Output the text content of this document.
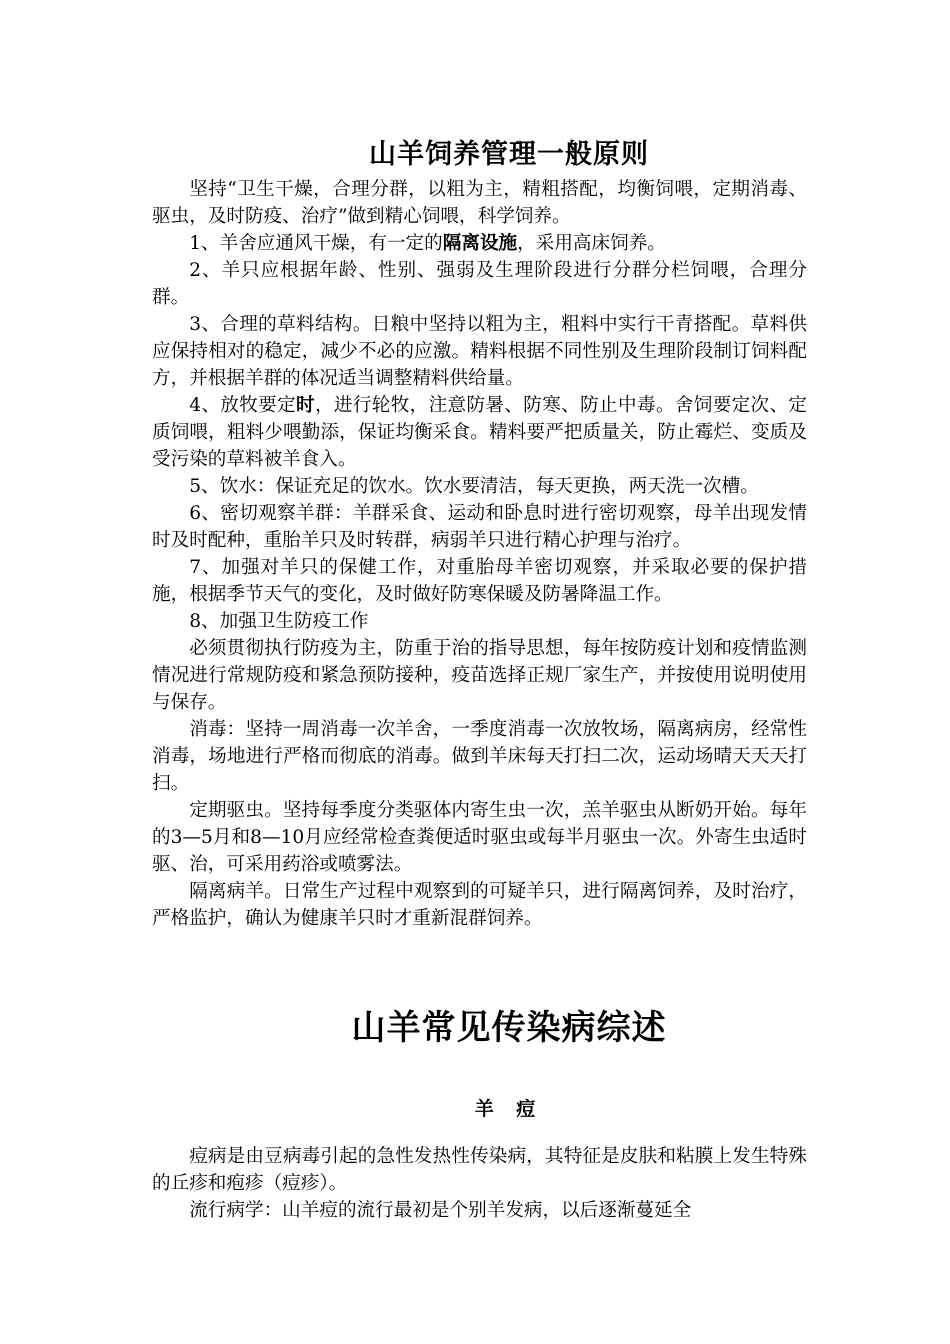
山羊饲养管理一般原则

坚持“卫生干燥，合理分群，以粗为主，精粗搭配，均衡饲喂，定期消毒、驱虫，及时防疫、治疗”做到精心饲喂，科学饲养。

1、羊舍应通风干燥，有一定的隔离设施，采用高床饲养。

2、羊只应根据年龄、性别、强弱及生理阶段进行分群分栏饲喂，合理分群。

3、合理的草料结构。日粮中坚持以粗为主，粗料中实行干青搭配。草料供应保持相对的稳定，减少不必的应激。精料根据不同性别及生理阶段制订饲料配方，并根据羊群的体况适当调整精料供给量。

4、放牧要定时，进行轮牧，注意防暑、防寒、防止中毒。舍饲要定次、定质饲喂，粗料少喂勤添，保证均衡采食。精料要严把质量关，防止霉烂、变质及受污染的草料被羊食入。

5、饮水：保证充足的饮水。饮水要清洁，每天更换，两天洗一次槽。

6、密切观察羊群：羊群采食、运动和卧息时进行密切观察，母羊出现发情时及时配种，重胎羊只及时转群，病弱羊只进行精心护理与治疗。

7、加强对羊只的保健工作，对重胎母羊密切观察，并采取必要的保护措施，根据季节天气的变化，及时做好防寒保暖及防暑降温工作。

8、加强卫生防疫工作

必须贯彻执行防疫为主，防重于治的指导思想，每年按防疫计划和疫情监测情况进行常规防疫和紧急预防接种，疫苗选择正规厂家生产，并按使用说明使用与保存。

消毒：坚持一周消毒一次羊舍，一季度消毒一次放牧场，隔离病房，经常性消毒，场地进行严格而彻底的消毒。做到羊床每天打扫二次，运动场晴天天天打扫。

定期驱虫。坚持每季度分类驱体内寄生虫一次，羔羊驱虫从断奶开始。每年的3—5月和8—10月应经常检查粪便适时驱虫或每半月驱虫一次。外寄生虫适时驱、治，可采用药浴或喷雾法。

隔离病羊。日常生产过程中观察到的可疑羊只，进行隔离饲养，及时治疗，严格监护，确认为健康羊只时才重新混群饲养。

山羊常见传染病综述
羊 痘

痘病是由豆病毒引起的急性发热性传染病，其特征是皮肤和粘膜上发生特殊的丘疹和疱疹（痘疹）。

流行病学：山羊痘的流行最初是个别羊发病，以后逐渐蔓延全
